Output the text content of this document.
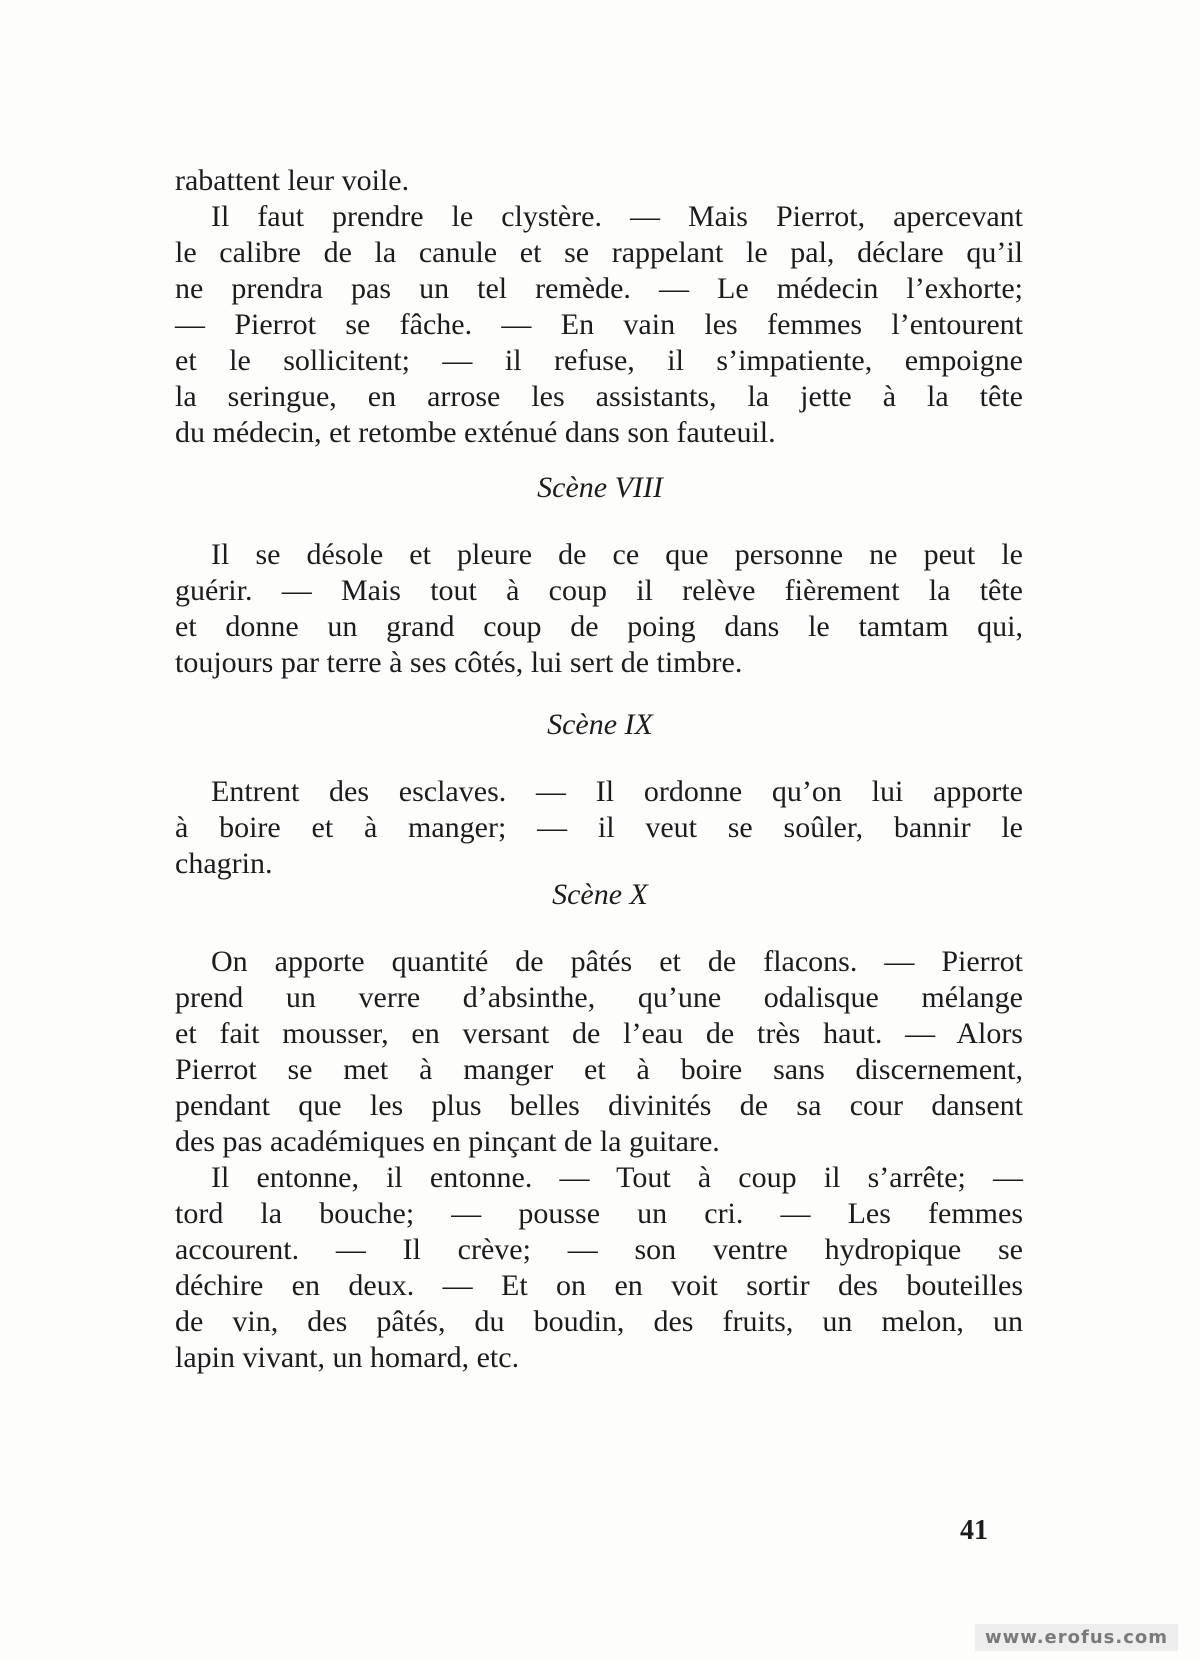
rabattent leur voile.
Il faut prendre le clystère. — Mais Pierrot, apercevant
le calibre de la canule et se rappelant le pal, déclare qu’il
ne prendra pas un tel remède. — Le médecin l’exhorte;
— Pierrot se fâche. — En vain les femmes l’entourent
et le sollicitent; — il refuse, il s’impatiente, empoigne
la seringue, en arrose les assistants, la jette à la tête
du médecin, et retombe exténué dans son fauteuil.
Scène VIII
Il se désole et pleure de ce que personne ne peut le
guérir. — Mais tout à coup il relève fièrement la tête
et donne un grand coup de poing dans le tamtam qui,
toujours par terre à ses côtés, lui sert de timbre.
Scène IX
Entrent des esclaves. — Il ordonne qu’on lui apporte
à boire et à manger; — il veut se soûler, bannir le
chagrin.
Scène X
On apporte quantité de pâtés et de flacons. — Pierrot
prend un verre d’absinthe, qu’une odalisque mélange
et fait mousser, en versant de l’eau de très haut. — Alors
Pierrot se met à manger et à boire sans discernement,
pendant que les plus belles divinités de sa cour dansent
des pas académiques en pinçant de la guitare.
Il entonne, il entonne. — Tout à coup il s’arrête; —
tord la bouche; — pousse un cri. — Les femmes
accourent. — Il crève; — son ventre hydropique se
déchire en deux. — Et on en voit sortir des bouteilles
de vin, des pâtés, du boudin, des fruits, un melon, un
lapin vivant, un homard, etc.
41
www.erofus.com
